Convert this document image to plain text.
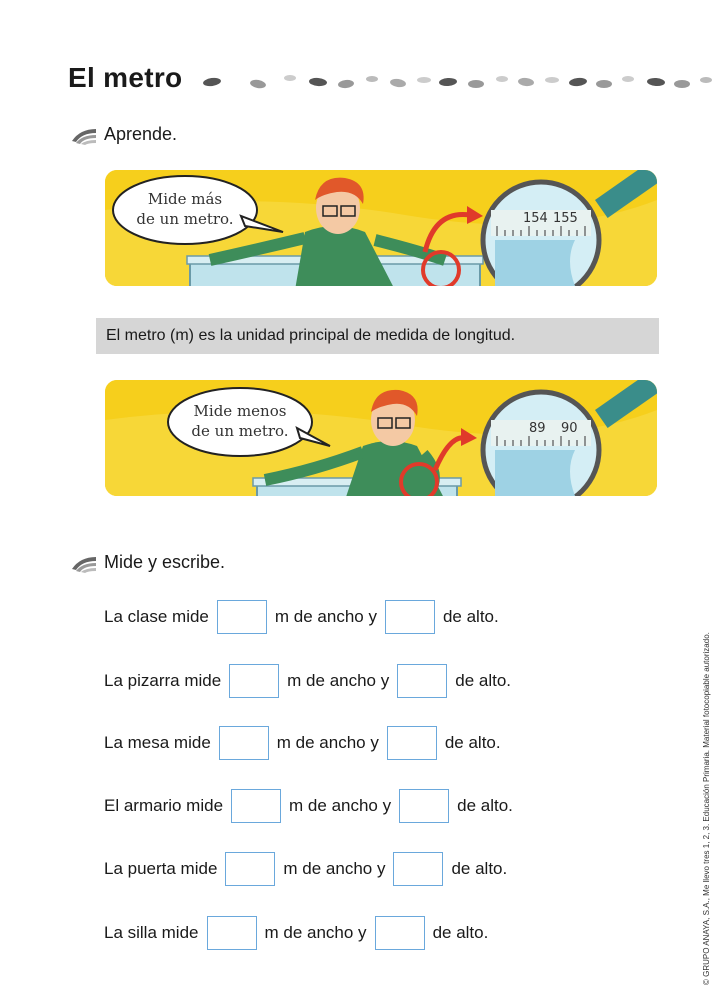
El metro
Aprende.
154 155
Mide más
de un metro.
El metro (m) es la unidad principal de medida de longitud.
89 90
Mide menos
de un metro.
Mide y escribe.
La clase mide	m de ancho y	de alto.
La pizarra mide	m de ancho y	de alto.
La mesa mide	m de ancho y	de alto.
El armario mide	m de ancho y	de alto.
La puerta mide	m de ancho y	de alto.
La silla mide	m de ancho y	de alto.	© GRUPO ANAYA, S.A., Me llevo tres 1, 2, 3. Educación Primaria. Material fotocopiable autorizado.
